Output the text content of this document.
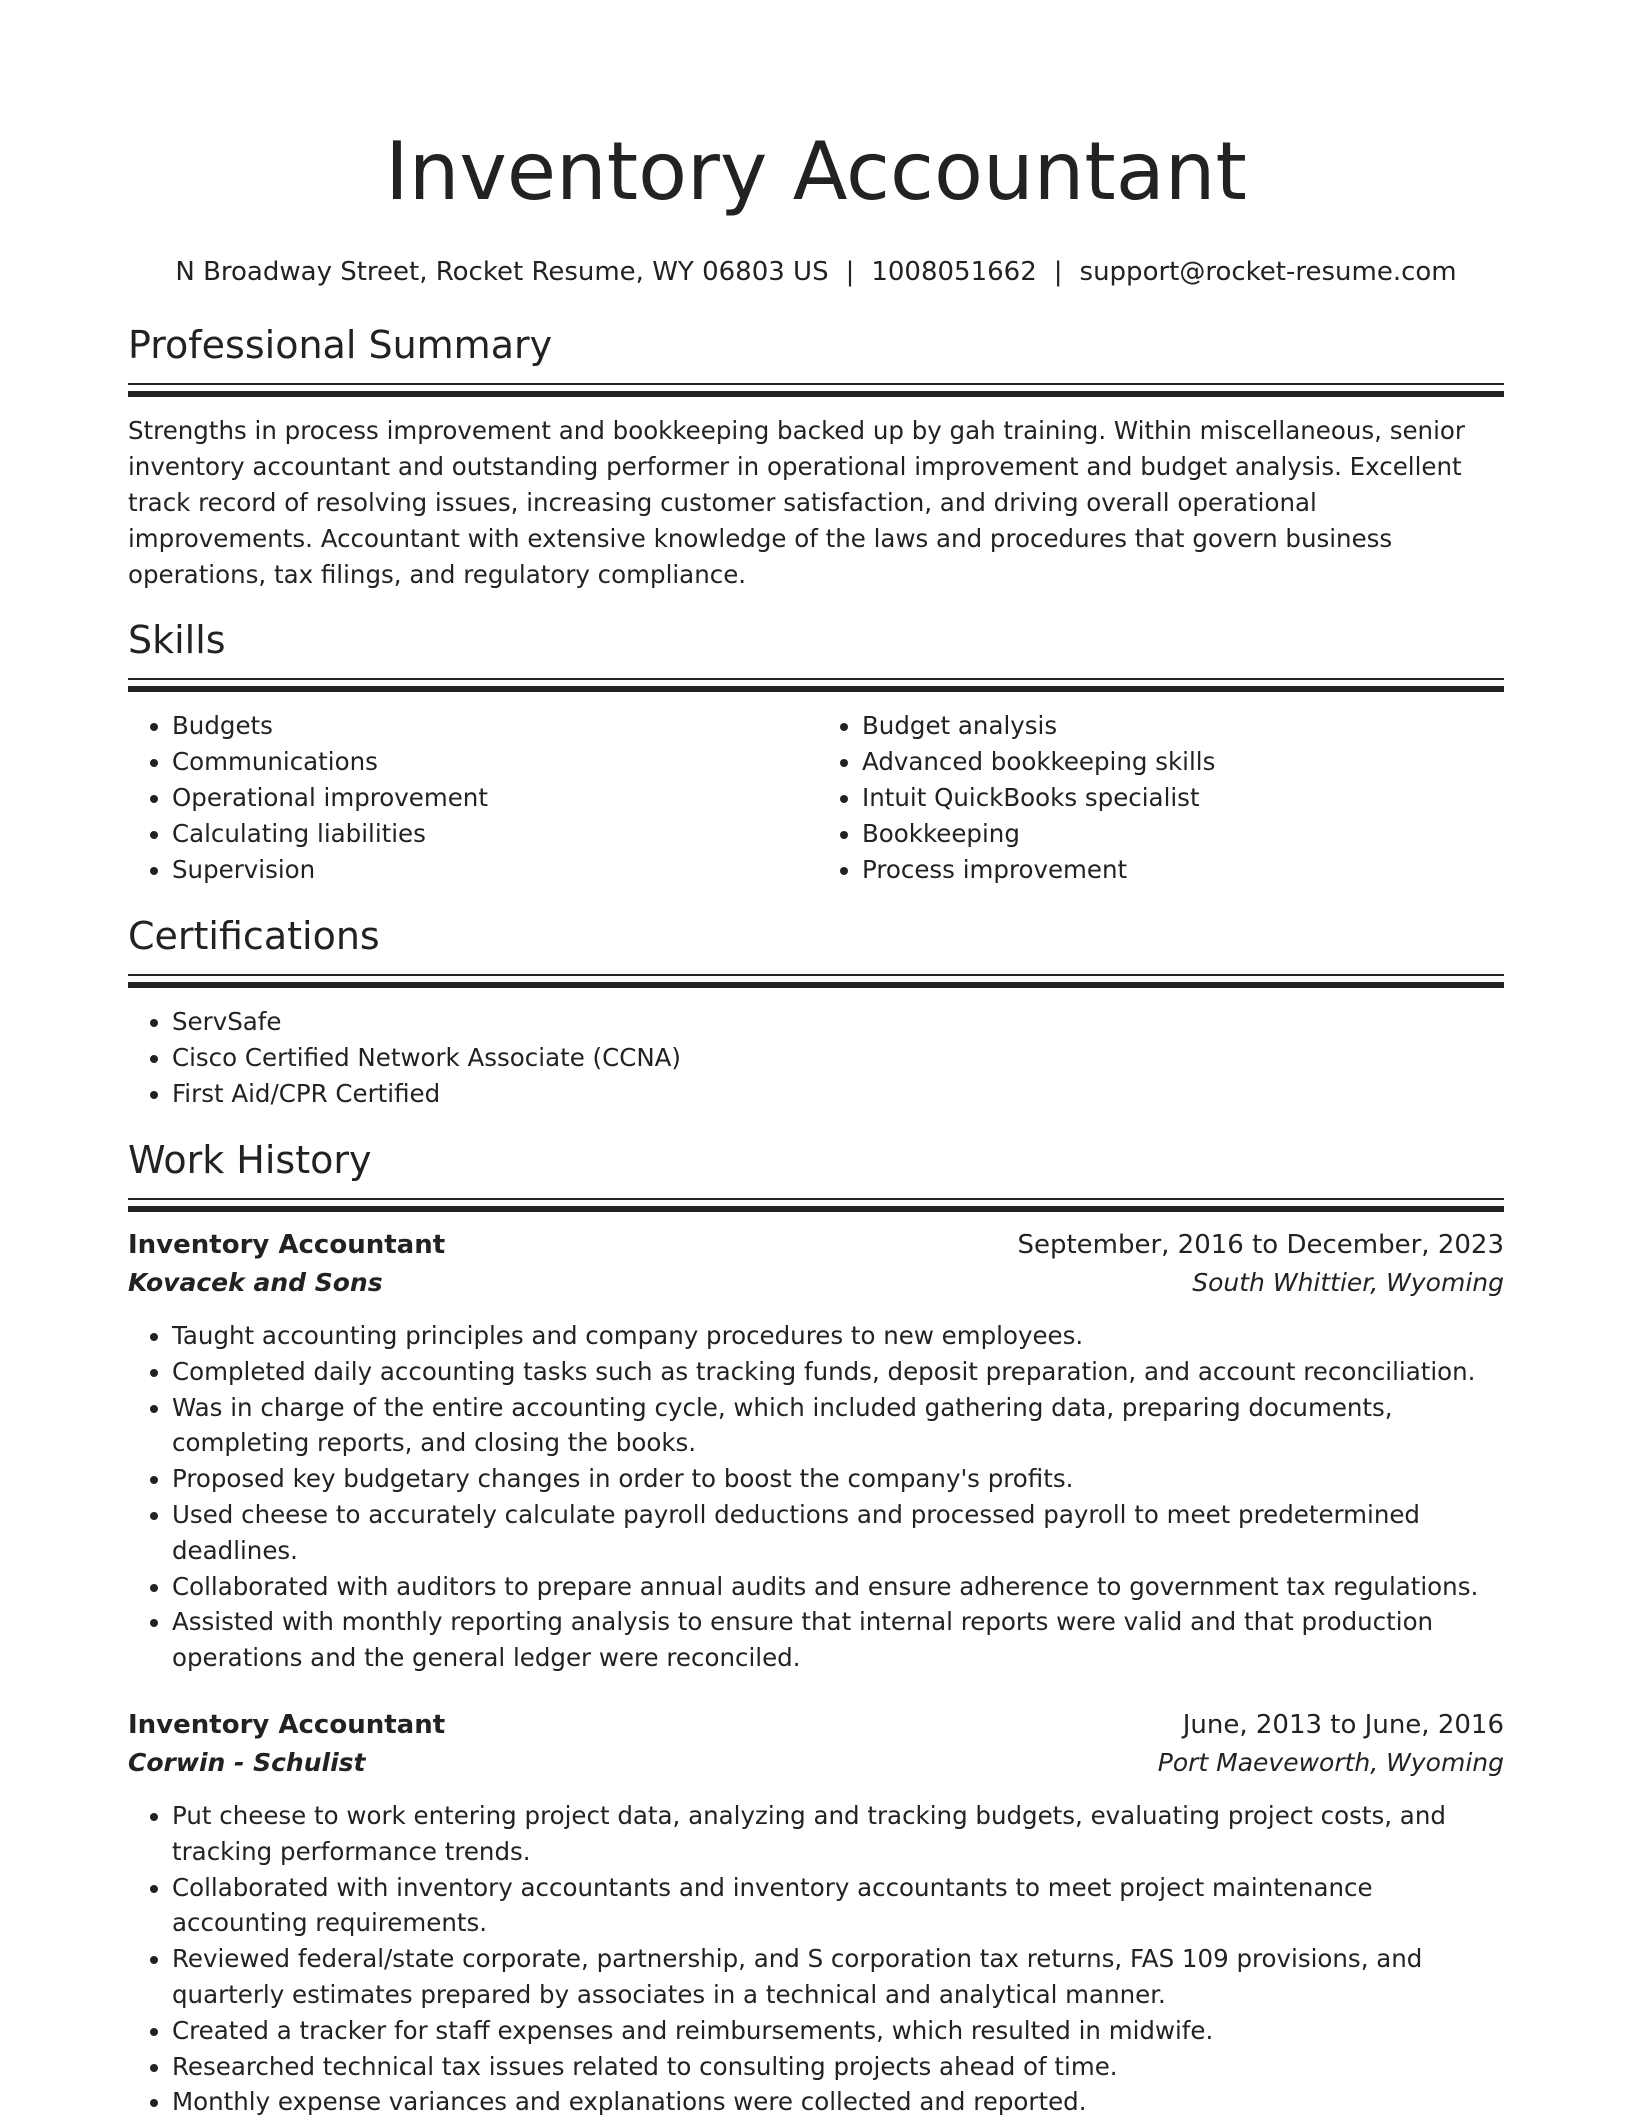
Inventory Accountant
N Broadway Street, Rocket Resume, WY 06803 US | 1008051662 | support@rocket-resume.com
Professional Summary

Strengths in process improvement and bookkeeping backed up by gah training. Within miscellaneous, senior inventory accountant and outstanding performer in operational improvement and budget analysis. Excellent track record of resolving issues, increasing customer satisfaction, and driving overall operational improvements. Accountant with extensive knowledge of the laws and procedures that govern business operations, tax filings, and regulatory compliance.

Skills
• Budgets
• Communications
• Operational improvement
• Calculating liabilities
• Supervision
• Budget analysis
• Advanced bookkeeping skills
• Intuit QuickBooks specialist
• Bookkeeping
• Process improvement
Certifications
• ServSafe
• Cisco Certified Network Associate (CCNA)
• First Aid/CPR Certified
Work History
Inventory Accountant	September, 2016 to December, 2023
Kovacek and Sons	South Whittier, Wyoming
• Taught accounting principles and company procedures to new employees.
• Completed daily accounting tasks such as tracking funds, deposit preparation, and account reconciliation.
• Was in charge of the entire accounting cycle, which included gathering data, preparing documents, completing reports, and closing the books.
• Proposed key budgetary changes in order to boost the company's profits.
• Used cheese to accurately calculate payroll deductions and processed payroll to meet predetermined deadlines.
• Collaborated with auditors to prepare annual audits and ensure adherence to government tax regulations.
• Assisted with monthly reporting analysis to ensure that internal reports were valid and that production operations and the general ledger were reconciled.
Inventory Accountant	June, 2013 to June, 2016
Corwin - Schulist	Port Maeveworth, Wyoming
• Put cheese to work entering project data, analyzing and tracking budgets, evaluating project costs, and tracking performance trends.
• Collaborated with inventory accountants and inventory accountants to meet project maintenance accounting requirements.
• Reviewed federal/state corporate, partnership, and S corporation tax returns, FAS 109 provisions, and quarterly estimates prepared by associates in a technical and analytical manner.
• Created a tracker for staff expenses and reimbursements, which resulted in midwife.
• Researched technical tax issues related to consulting projects ahead of time.
• Monthly expense variances and explanations were collected and reported.
